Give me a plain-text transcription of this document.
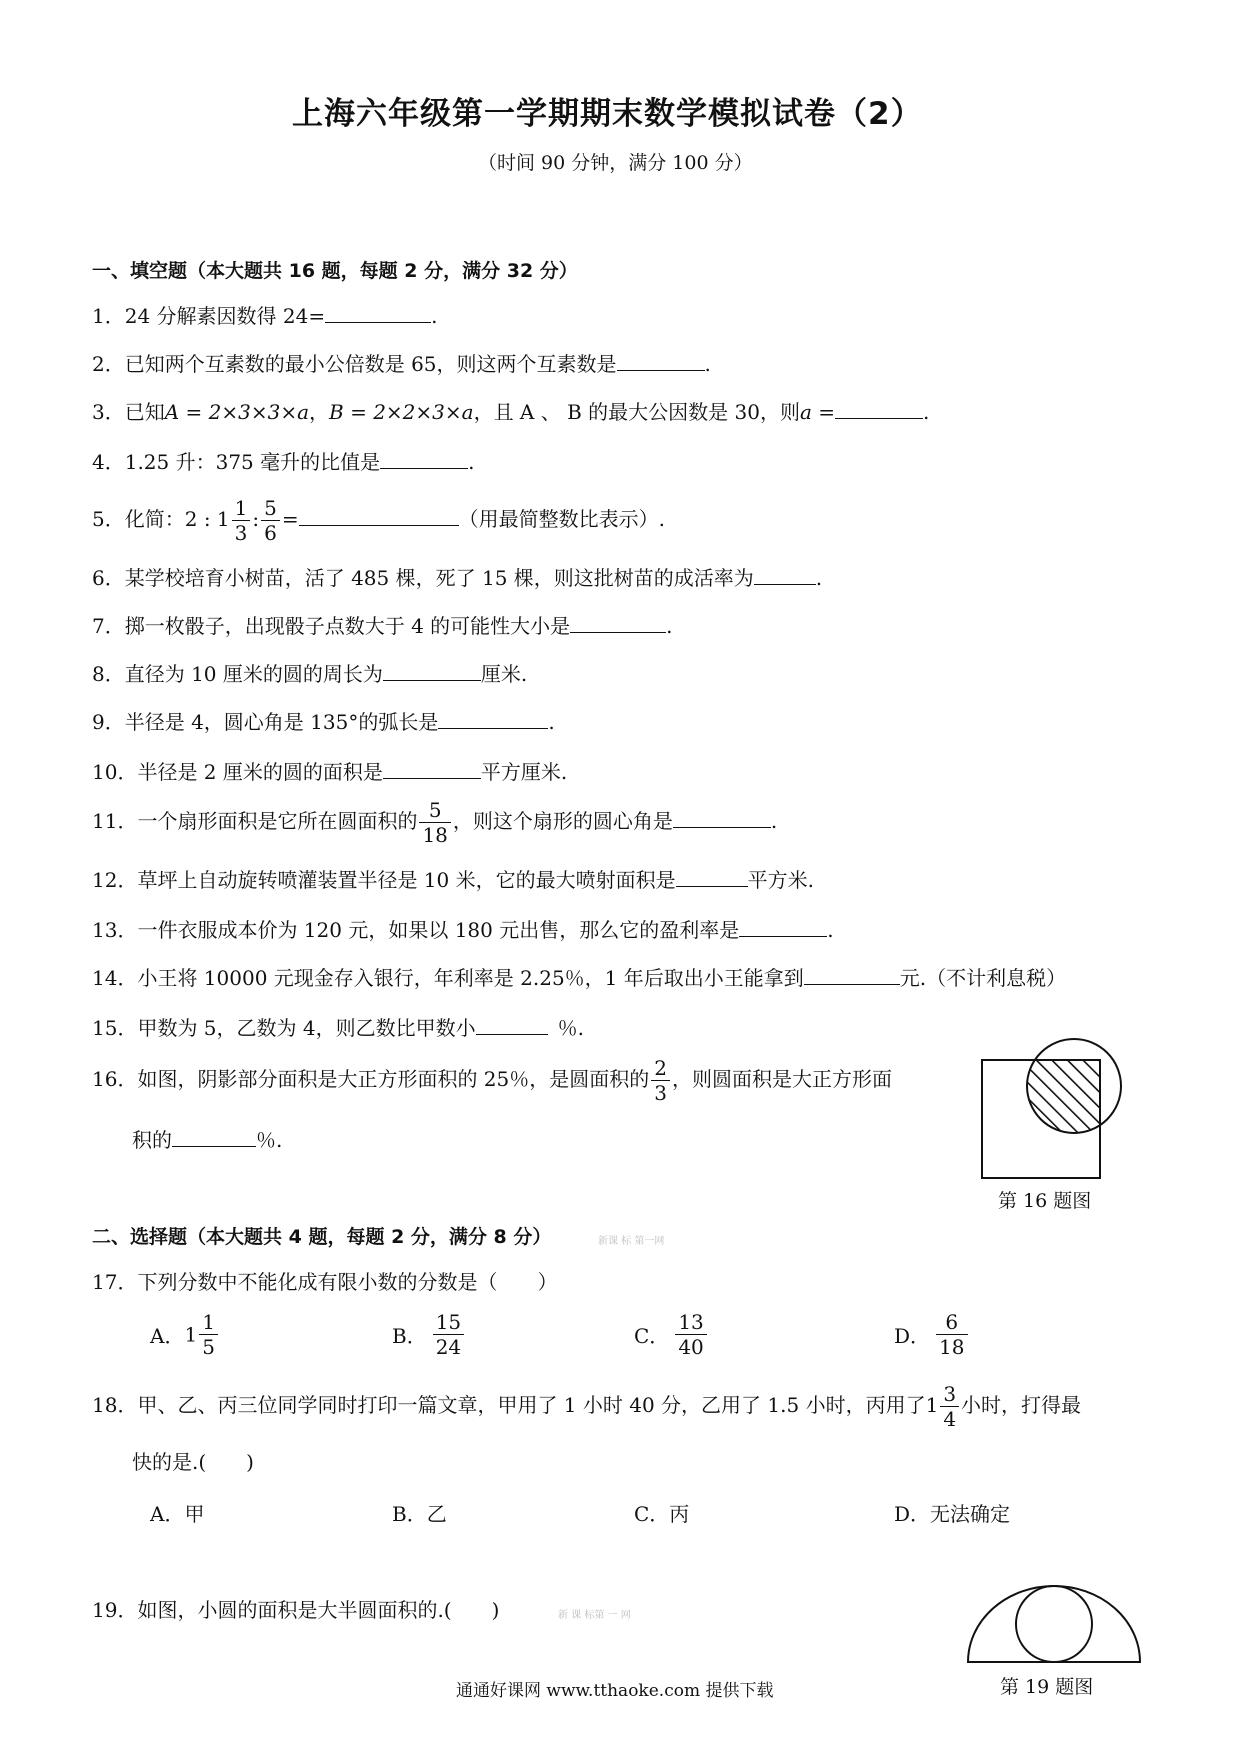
上海六年级第一学期期末数学模拟试卷（2）
（时间 90 分钟，满分 100 分）
一、填空题（本大题共 16 题，每题 2 分，满分 32 分）
1．24 分解素因数得 24=	.
2．已知两个互素数的最小公倍数是 65，则这两个互素数是	.
3．已知A = 2×3×3×a，B = 2×2×3×a，且 A 、 B 的最大公因数是 30，则a =	.
4．1.25 升：375 毫升的比值是	.
5．化简：2 : $1 \frac{1}{3}$ : $\frac{5}{6}$ =	（用最简整数比表示）.
6．某学校培育小树苗，活了 485 棵，死了 15 棵，则这批树苗的成活率为	.
7．掷一枚骰子，出现骰子点数大于 4 的可能性大小是	.
8．直径为 10 厘米的圆的周长为	厘米.
9．半径是 4，圆心角是 135°的弧长是	.
10．半径是 2 厘米的圆的面积是	平方厘米.
11．一个扇形面积是它所在圆面积的 $\frac{5}{18}$ ，则这个扇形的圆心角是	.
12．草坪上自动旋转喷灌装置半径是 10 米，它的最大喷射面积是	平方米.
13．一件衣服成本价为 120 元，如果以 180 元出售，那么它的盈利率是	.
14．小王将 10000 元现金存入银行，年利率是 2.25％，1 年后取出小王能拿到	元.（不计利息税）
15．甲数为 5，乙数为 4，则乙数比甲数小	％.
16．如图，阴影部分面积是大正方形面积的 25％，是圆面积的 $\frac{2}{3}$ ，则圆面积是大正方形面
积的	％.
第 16 题图
二、选择题（本大题共 4 题，每题 2 分，满分 8 分）	新课 标 第一网
17．下列分数中不能化成有限小数的分数是（　　）
A．$1 \frac{1}{5}$	B． $\frac{15}{24}$	C． $\frac{13}{40}$	D． $\frac{6}{18}$
18．甲、乙、丙三位同学同时打印一篇文章，甲用了 1 小时 40 分，乙用了 1.5 小时，丙用了$1 \frac{3}{4}$ 小时，打得最
快的是.(　　)
A．甲	B．乙	C．丙	D．无法确定
19．如图，小圆的面积是大半圆面积的.(　　)	新 课 标第 一 网
第 19 题图
通通好课网 www.tthaoke.com 提供下载
